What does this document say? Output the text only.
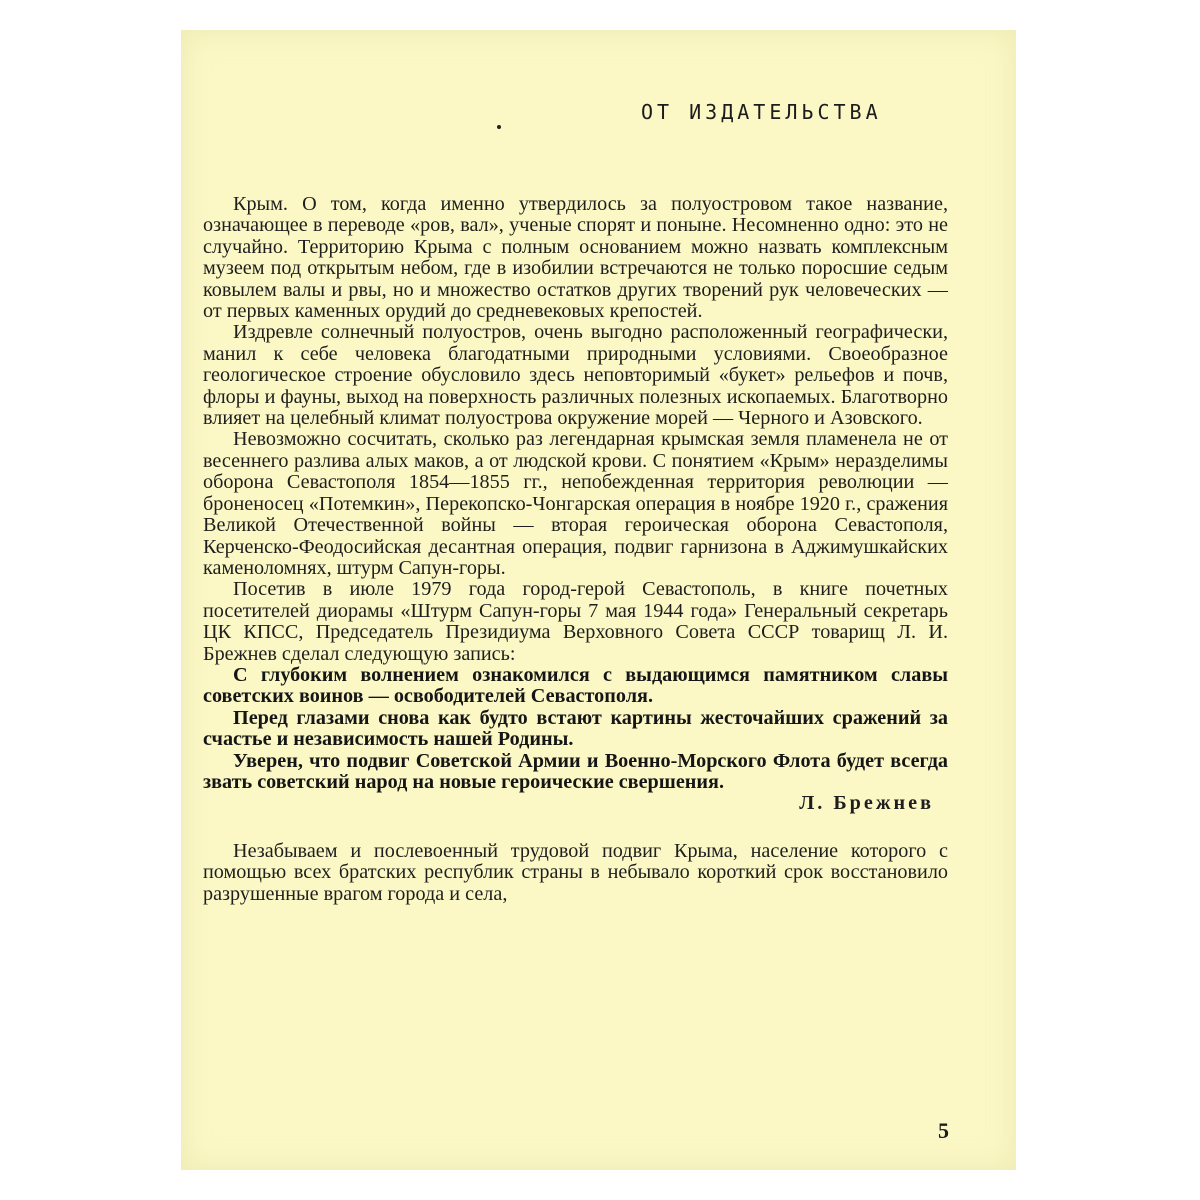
ОТ ИЗДАТЕЛЬСТВА

Крым. О том, когда именно утвердилось за полуостровом такое название, означающее в переводе «ров, вал», ученые спорят и поныне. Несомненно одно: это не случайно. Территорию Крыма с полным основанием можно назвать комплексным музеем под открытым небом, где в изобилии встречаются не только поросшие седым ковылем валы и рвы, но и множество остатков других творений рук человеческих — от первых каменных орудий до средневековых крепостей.

Издревле солнечный полуостров, очень выгодно расположенный географически, манил к себе человека благодатными природными условиями. Своеобразное геологическое строение обусловило здесь неповторимый «букет» рельефов и почв, флоры и фауны, выход на поверхность различных полезных ископаемых. Благотворно влияет на целебный климат полуострова окружение морей — Черного и Азовского.

Невозможно сосчитать, сколько раз легендарная крымская земля пламенела не от весеннего разлива алых маков, а от людской крови. С понятием «Крым» неразделимы оборона Севастополя 1854—1855 гг., непобежденная территория революции — броненосец «Потемкин», Перекопско-Чонгарская операция в ноябре 1920 г., сражения Великой Отечественной войны — вторая героическая оборона Севастополя, Керченско-Феодосийская десантная операция, подвиг гарнизона в Аджимушкайских каменоломнях, штурм Сапун-горы.

Посетив в июле 1979 года город-герой Севастополь, в книге почетных посетителей диорамы «Штурм Сапун-горы 7 мая 1944 года» Генеральный секретарь ЦК КПСС, Председатель Президиума Верховного Совета СССР товарищ Л. И. Брежнев сделал следующую запись:

С глубоким волнением ознакомился с выдающимся памятником славы советских воинов — освободителей Севастополя.

Перед глазами снова как будто встают картины жесточайших сражений за счастье и независимость нашей Родины.

Уверен, что подвиг Советской Армии и Военно-Морского Флота будет всегда звать советский народ на новые героические свершения.

Л. Брежнев

Незабываем и послевоенный трудовой подвиг Крыма, население которого с помощью всех братских республик страны в небывало короткий срок восстановило разрушенные врагом города и села,

5
